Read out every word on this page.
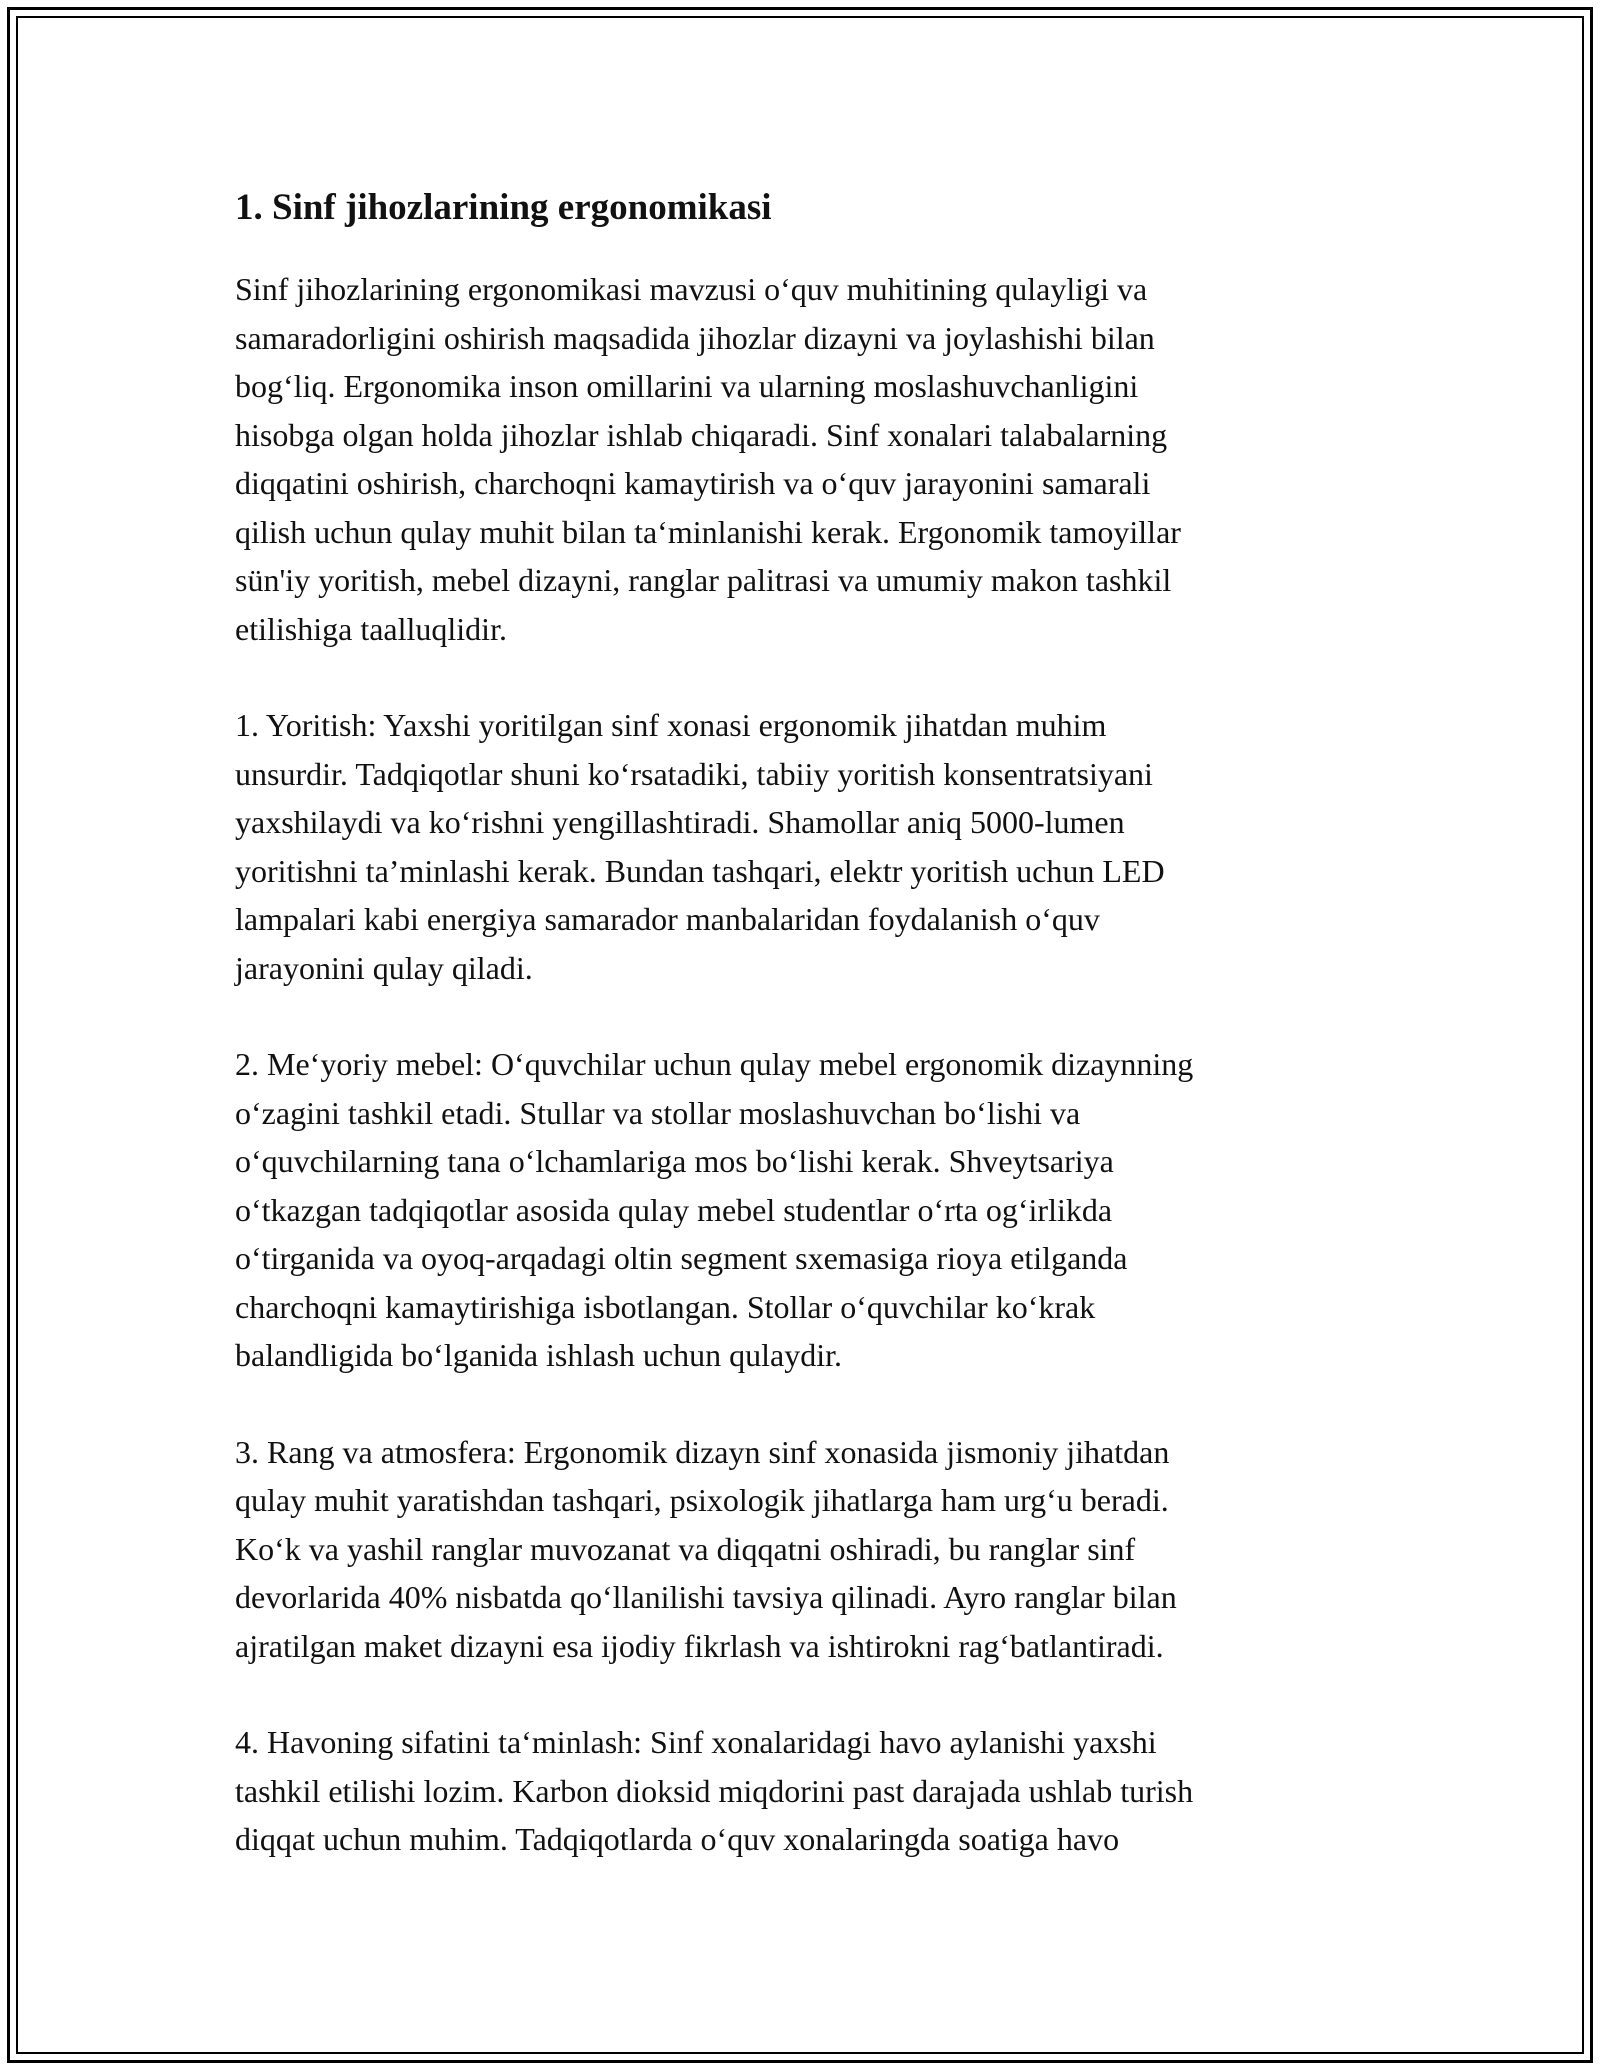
1. Sinf jihozlarining ergonomikasi

Sinf jihozlarining ergonomikasi mavzusi o‘quv muhitining qulayligi va
samaradorligini oshirish maqsadida jihozlar dizayni va joylashishi bilan
bog‘liq. Ergonomika inson omillarini va ularning moslashuvchanligini
hisobga olgan holda jihozlar ishlab chiqaradi. Sinf xonalari talabalarning
diqqatini oshirish, charchoqni kamaytirish va o‘quv jarayonini samarali
qilish uchun qulay muhit bilan ta‘minlanishi kerak. Ergonomik tamoyillar
sün'iy yoritish, mebel dizayni, ranglar palitrasi va umumiy makon tashkil
etilishiga taalluqlidir.

1. Yoritish: Yaxshi yoritilgan sinf xonasi ergonomik jihatdan muhim
unsurdir. Tadqiqotlar shuni ko‘rsatadiki, tabiiy yoritish konsentratsiyani
yaxshilaydi va ko‘rishni yengillashtiradi. Shamollar aniq 5000-lumen
yoritishni ta’minlashi kerak. Bundan tashqari, elektr yoritish uchun LED
lampalari kabi energiya samarador manbalaridan foydalanish o‘quv
jarayonini qulay qiladi.

2. Me‘yoriy mebel: O‘quvchilar uchun qulay mebel ergonomik dizaynning
o‘zagini tashkil etadi. Stullar va stollar moslashuvchan bo‘lishi va
o‘quvchilarning tana o‘lchamlariga mos bo‘lishi kerak. Shveytsariya
o‘tkazgan tadqiqotlar asosida qulay mebel studentlar o‘rta og‘irlikda
o‘tirganida va oyoq-arqadagi oltin segment sxemasiga rioya etilganda
charchoqni kamaytirishiga isbotlangan. Stollar o‘quvchilar ko‘krak
balandligida bo‘lganida ishlash uchun qulaydir.

3. Rang va atmosfera: Ergonomik dizayn sinf xonasida jismoniy jihatdan
qulay muhit yaratishdan tashqari, psixologik jihatlarga ham urg‘u beradi.
Ko‘k va yashil ranglar muvozanat va diqqatni oshiradi, bu ranglar sinf
devorlarida 40% nisbatda qo‘llanilishi tavsiya qilinadi. Ayro ranglar bilan
ajratilgan maket dizayni esa ijodiy fikrlash va ishtirokni rag‘batlantiradi.

4. Havoning sifatini ta‘minlash: Sinf xonalaridagi havo aylanishi yaxshi
tashkil etilishi lozim. Karbon dioksid miqdorini past darajada ushlab turish
diqqat uchun muhim. Tadqiqotlarda o‘quv xonalaringda soatiga havo
